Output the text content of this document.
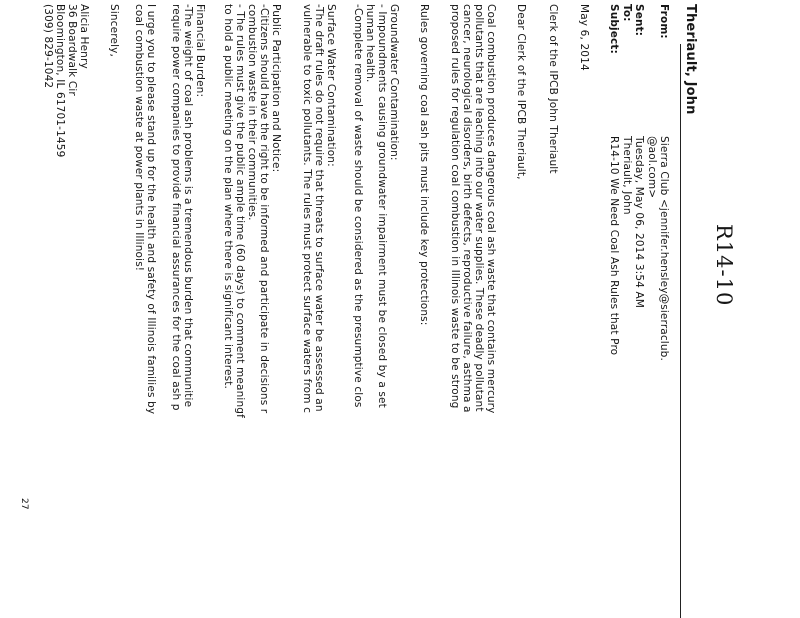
R14-10
Theriault, John
From:
Sierra Club <jennifer.hensley@sierraclub.
@aol.com>
Sent:
Tuesday, May 06, 2014 3:54 AM
To:
Theriault, John
Subject:
R14-10 We Need Coal Ash Rules that Pro
May 6, 2014
Clerk of the IPCB John Theriault
Dear Clerk of the IPCB Theriault,
Coal combustion produces dangerous coal ash waste that contains mercury
pollutants that are leaching into our water supplies. These deadly pollutant
cancer, neurological disorders, birth defects, reproductive failure, asthma a
proposed rules for regulation coal combustion in Illinois waste to be strong
Rules governing coal ash pits must include key protections:
Groundwater Contamination:
- Impoundments causing groundwater impairment must be closed by a set
human health.
-Complete removal of waste should be considered as the presumptive clos
Surface Water Contamination:
-The draft rules do not require that threats to surface water be assessed an
vulnerable to toxic pollutants. The rules must protect surface waters from c
Public Participation and Notice:
-Citizens should have the right to be informed and participate in decisions r
combustion waste in their communities.
- The rules must give the public ample time (60 days) to comment meaningf
to hold a public meeting on the plan where there is significant interest.
Financial Burden:
-The weight of coal ash problems is a tremendous burden that communitie
require power companies to provide financial assurances for the coal ash p
I urge you to please stand up for the health and safety of Illinois families by
coal combustion waste at power plants in Illinois!
Sincerely,
Alicia Henry
36 Boardwalk Cir
Bloomington, IL 61701-1459
(309) 829-1042
27
